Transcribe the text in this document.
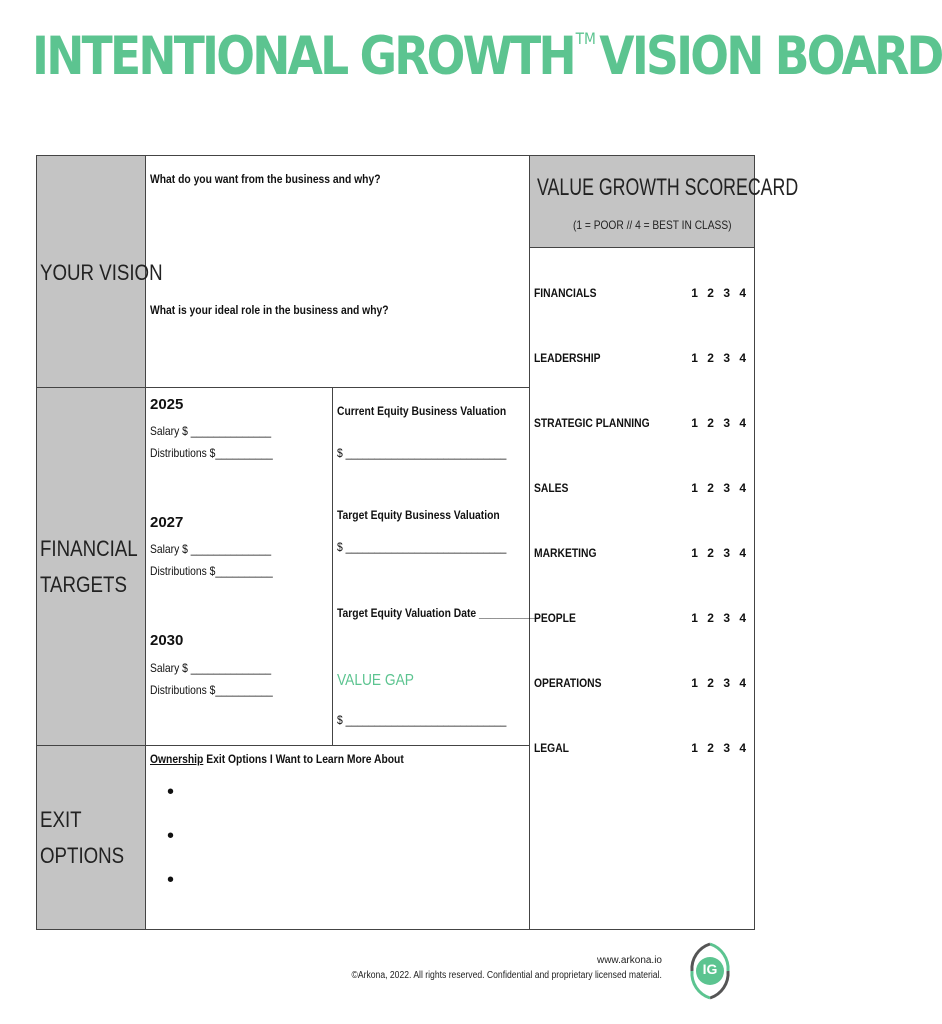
INTENTIONAL GROWTH ™VISION BOARD
YOUR VISION
FINANCIAL
TARGETS
EXIT
OPTIONS
What do you want from the business and why?
What is your ideal role in the business and why?
2025
Salary $ ______________
Distributions $__________
2027
Salary $ ______________
Distributions $__________
2030
Salary $ ______________
Distributions $__________
Current Equity Business Valuation
$ ____________________________
Target Equity Business Valuation
$ ____________________________
Target Equity Valuation Date __________
VALUE GAP
$ ____________________________
Ownership Exit Options I Want to Learn More About
•
•
•
VALUE GROWTH SCORECARD
(1 = POOR // 4 = BEST IN CLASS)
FINANCIALS	1 2 3 4
LEADERSHIP	1 2 3 4
STRATEGIC PLANNING	1 2 3 4
SALES	1 2 3 4
MARKETING	1 2 3 4
PEOPLE	1 2 3 4
OPERATIONS	1 2 3 4
LEGAL	1 2 3 4
www.arkona.io
©Arkona, 2022. All rights reserved. Confidential and proprietary licensed material.	IG
